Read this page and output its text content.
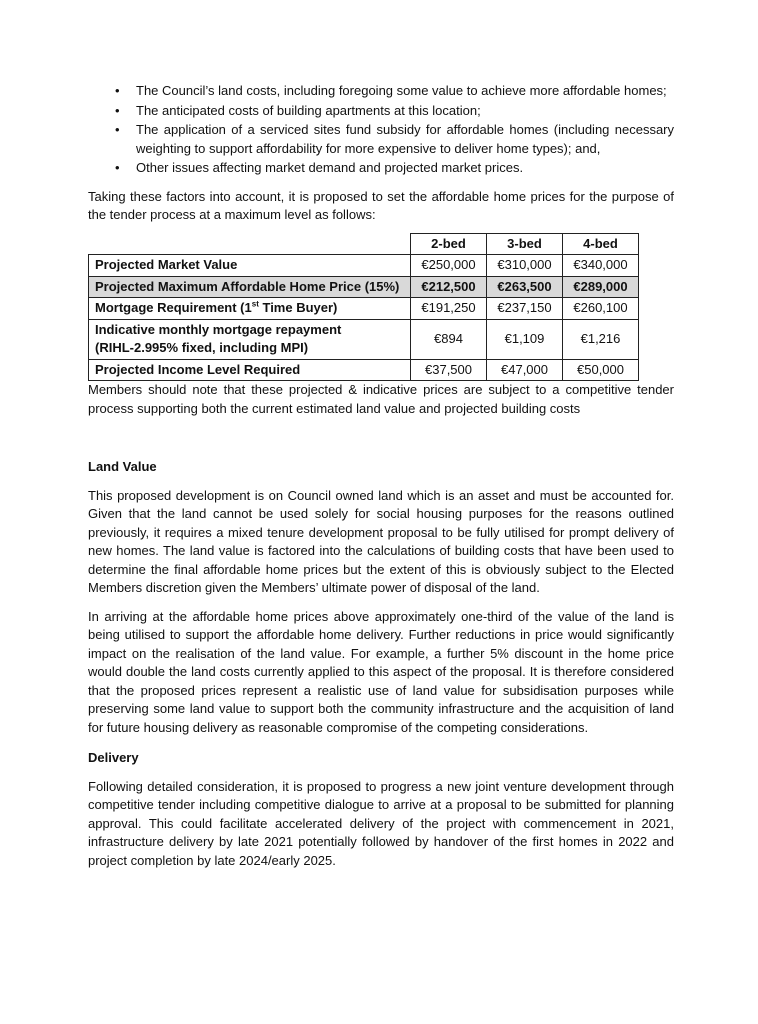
• The Council’s land costs, including foregoing some value to achieve more affordable homes;
• The anticipated costs of building apartments at this location;
• The application of a serviced sites fund subsidy for affordable homes (including necessary weighting to support affordability for more expensive to deliver home types); and,
• Other issues affecting market demand and projected market prices.

Taking these factors into account, it is proposed to set the affordable home prices for the purpose of the tender process at a maximum level as follows:

	2-bed	3-bed	4-bed
Projected Market Value	€250,000	€310,000	€340,000
Projected Maximum Affordable Home Price (15%)	€212,500	€263,500	€289,000
Mortgage Requirement (1st Time Buyer)	€191,250	€237,150	€260,100

Indicative monthly mortgage repayment
(RIHL-2.995% fixed, including MPI)	€894	€1,109	€1,216
Projected Income Level Required	€37,500	€47,000	€50,000

Members should note that these projected & indicative prices are subject to a competitive tender process supporting both the current estimated land value and projected building costs

Land Value

This proposed development is on Council owned land which is an asset and must be accounted for. Given that the land cannot be used solely for social housing purposes for the reasons outlined previously, it requires a mixed tenure development proposal to be fully utilised for prompt delivery of new homes. The land value is factored into the calculations of building costs that have been used to determine the final affordable home prices but the extent of this is obviously subject to the Elected Members discretion given the Members’ ultimate power of disposal of the land.

In arriving at the affordable home prices above approximately one-third of the value of the land is being utilised to support the affordable home delivery. Further reductions in price would significantly impact on the realisation of the land value. For example, a further 5% discount in the home price would double the land costs currently applied to this aspect of the proposal. It is therefore considered that the proposed prices represent a realistic use of land value for subsidisation purposes while preserving some land value to support both the community infrastructure and the acquisition of land for future housing delivery as reasonable compromise of the competing considerations.

Delivery

Following detailed consideration, it is proposed to progress a new joint venture development through competitive tender including competitive dialogue to arrive at a proposal to be submitted for planning approval. This could facilitate accelerated delivery of the project with commencement in 2021, infrastructure delivery by late 2021 potentially followed by handover of the first homes in 2022 and project completion by late 2024/early 2025.
